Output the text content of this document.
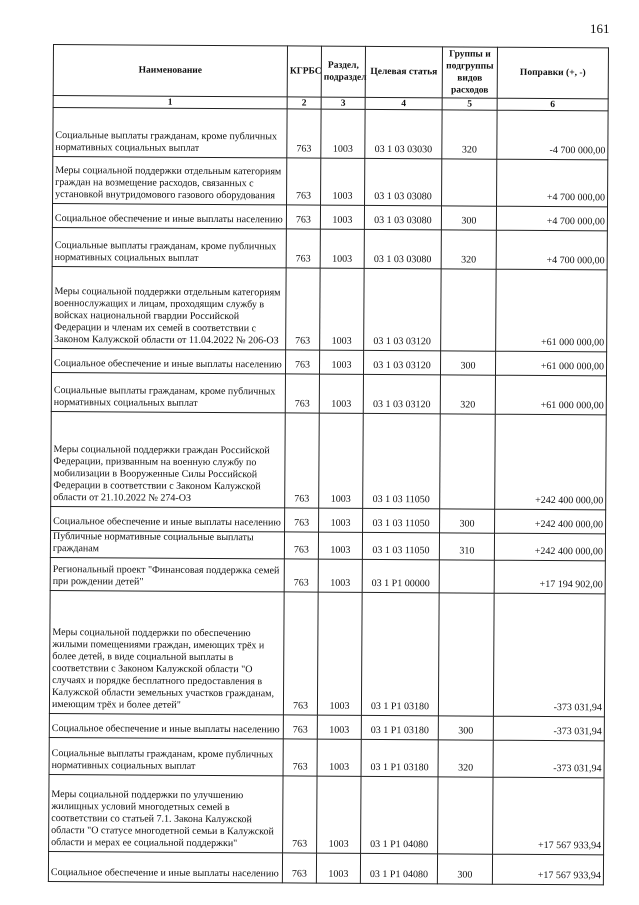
161
Наименование	КГРБС	Раздел, подраздел	Целевая статья	Группы и подгруппы видов расходов	Поправки (+, -)
1	2	3	4	5	6
Социальные выплаты гражданам, кроме публичных нормативных социальных выплат	763	1003	03 1 03 03030	320	-4 700 000,00
Меры социальной поддержки отдельным категориям граждан на возмещение расходов, связанных с установкой внутридомового газового оборудования	763	1003	03 1 03 03080		+4 700 000,00
Социальное обеспечение и иные выплаты населению	763	1003	03 1 03 03080	300	+4 700 000,00
Социальные выплаты гражданам, кроме публичных нормативных социальных выплат	763	1003	03 1 03 03080	320	+4 700 000,00
Меры социальной поддержки отдельным категориям военнослужащих и лицам, проходящим службу в войсках национальной гвардии Российской Федерации и членам их семей в соответствии с Законом Калужской области от 11.04.2022 № 206-ОЗ	763	1003	03 1 03 03120		+61 000 000,00
Социальное обеспечение и иные выплаты населению	763	1003	03 1 03 03120	300	+61 000 000,00
Социальные выплаты гражданам, кроме публичных нормативных социальных выплат	763	1003	03 1 03 03120	320	+61 000 000,00
Меры социальной поддержки граждан Российской Федерации, призванным на военную службу по мобилизации в Вооруженные Силы Российской Федерации в соответствии с Законом Калужской области от 21.10.2022 № 274-ОЗ	763	1003	03 1 03 11050		+242 400 000,00
Социальное обеспечение и иные выплаты населению	763	1003	03 1 03 11050	300	+242 400 000,00
Публичные нормативные социальные выплаты гражданам	763	1003	03 1 03 11050	310	+242 400 000,00
Региональный проект "Финансовая поддержка семей при рождении детей"	763	1003	03 1 Р1 00000		+17 194 902,00
Меры социальной поддержки по обеспечению жилыми помещениями граждан, имеющих трёх и более детей, в виде социальной выплаты в соответствии с Законом Калужской области "О случаях и порядке бесплатного предоставления в Калужской области земельных участков гражданам, имеющим трёх и более детей"	763	1003	03 1 Р1 03180		-373 031,94
Социальное обеспечение и иные выплаты населению	763	1003	03 1 Р1 03180	300	-373 031,94
Социальные выплаты гражданам, кроме публичных нормативных социальных выплат	763	1003	03 1 Р1 03180	320	-373 031,94
Меры социальной поддержки по улучшению жилищных условий многодетных семей в соответствии со статьей 7.1. Закона Калужской области "О статусе многодетной семьи в Калужской области и мерах ее социальной поддержки"	763	1003	03 1 Р1 04080		+17 567 933,94
Социальное обеспечение и иные выплаты населению	763	1003	03 1 Р1 04080	300	+17 567 933,94
